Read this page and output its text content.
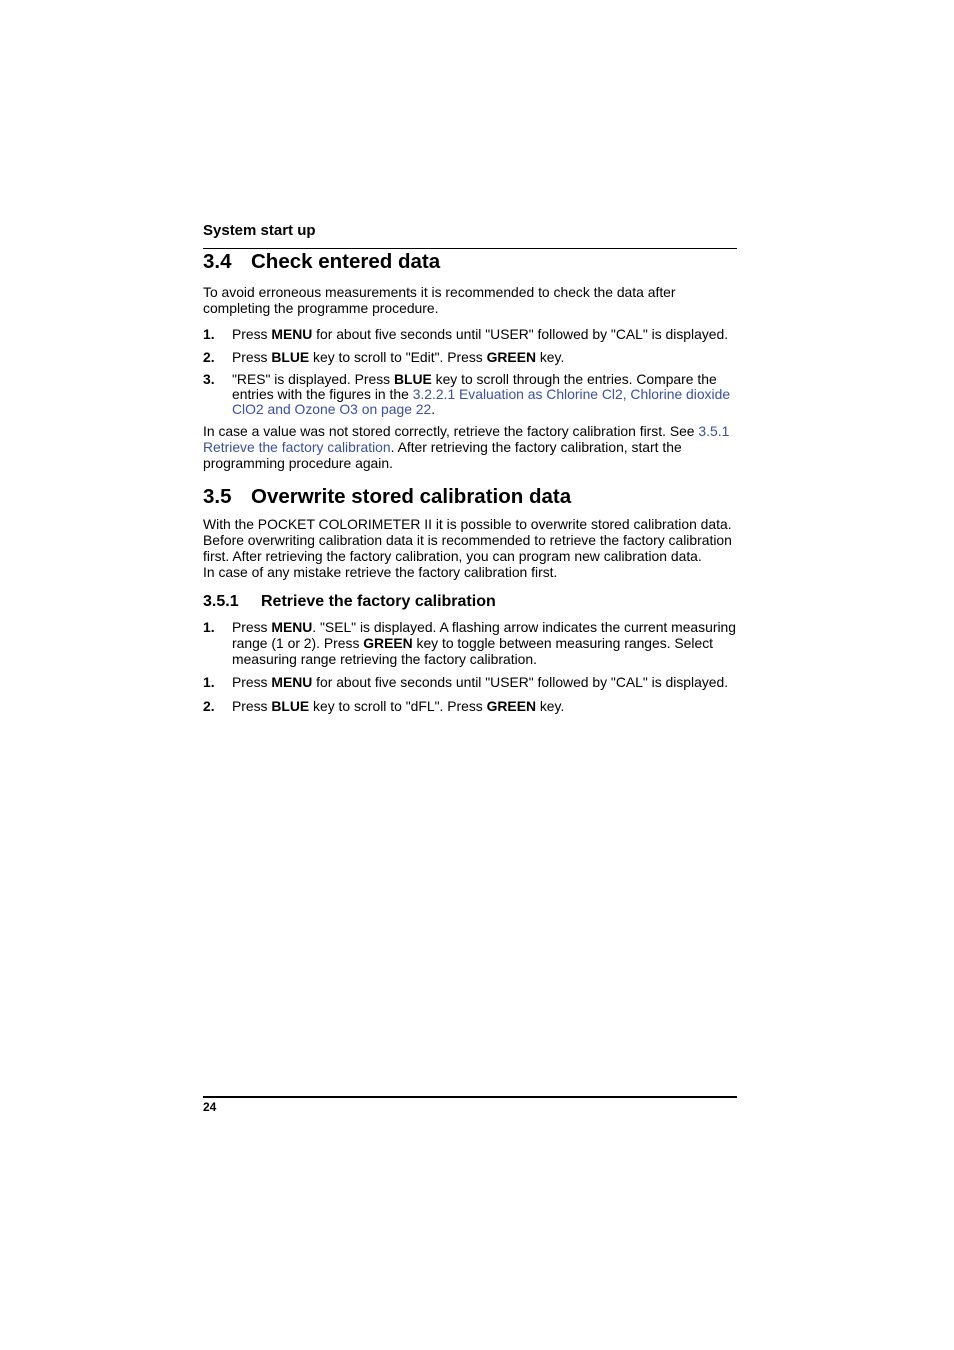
System start up
3.4 Check entered data

To avoid erroneous measurements it is recommended to check the data after completing the programme procedure.

1.	Press MENU for about five seconds until "USER" followed by "CAL" is displayed.
2.	Press BLUE key to scroll to "Edit". Press GREEN key.
3.	"RES" is displayed. Press BLUE key to scroll through the entries. Compare the entries with the figures in the 3.2.2.1 Evaluation as Chlorine Cl2, Chlorine dioxide ClO2 and Ozone O3 on page 22.

In case a value was not stored correctly, retrieve the factory calibration first. See 3.5.1 Retrieve the factory calibration. After retrieving the factory calibration, start the programming procedure again.

3.5 Overwrite stored calibration data

With the POCKET COLORIMETER II it is possible to overwrite stored calibration data. Before overwriting calibration data it is recommended to retrieve the factory calibration first. After retrieving the factory calibration, you can program new calibration data.

In case of any mistake retrieve the factory calibration first.

3.5.1	Retrieve the factory calibration
1.	Press MENU. "SEL" is displayed. A flashing arrow indicates the current measuring range (1 or 2). Press GREEN key to toggle between measuring ranges. Select measuring range retrieving the factory calibration.
1.	Press MENU for about five seconds until "USER" followed by "CAL" is displayed.
2.	Press BLUE key to scroll to "dFL". Press GREEN key.
24
